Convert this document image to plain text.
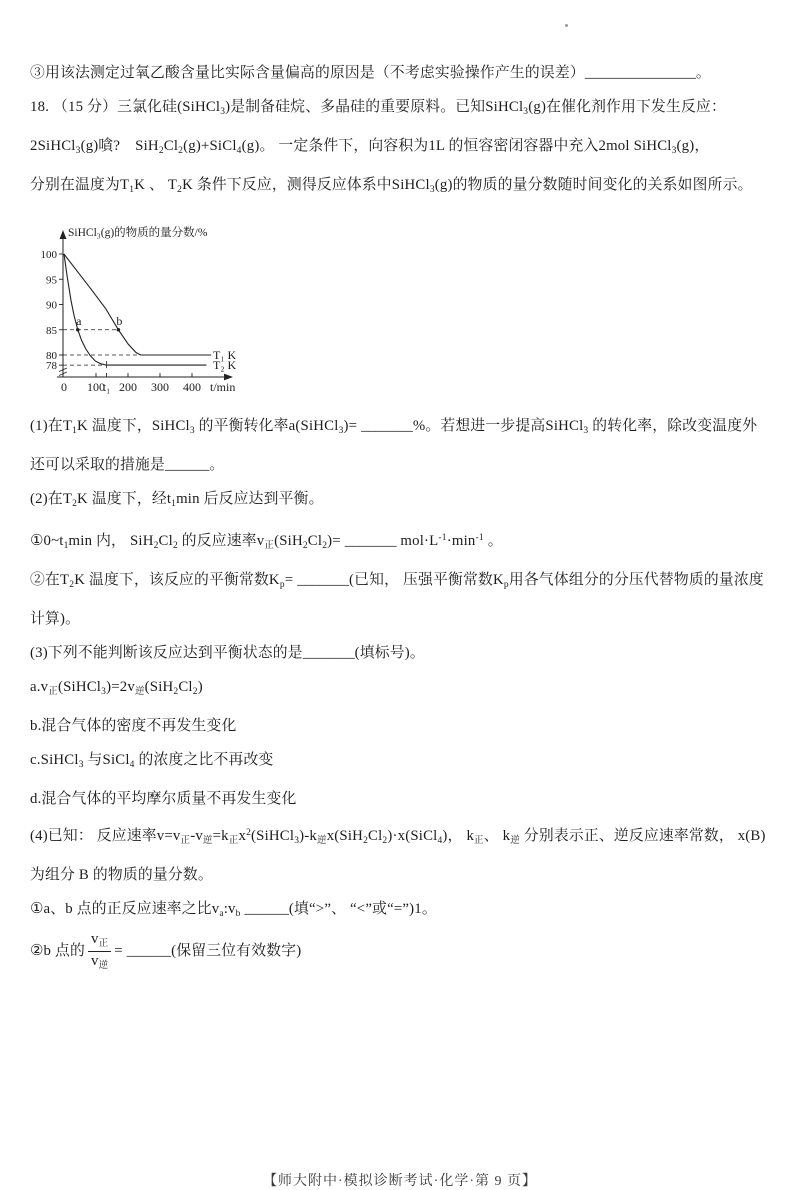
③用该法测定过氧乙酸含量比实际含量偏高的原因是（不考虑实验操作产生的误差）_______________。

18. （15 分）三氯化硅(SiHCl$_3$)是制备硅烷、多晶硅的重要原料。已知SiHCl$_3$(g)在催化剂作用下发生反应：

2SiHCl$_3$(g)嗿?　$SiH_2Cl_2(g)+SiCl_4(g)$。 一定条件下，向容积为1L 的恒容密闭容器中充入2mol SiHCl$_3$(g)，

分别在温度为$T_1K$ 、 $T_2K$ 条件下反应，测得反应体系中SiHCl$_3$(g)的物质的量分数随时间变化的关系如图所示。

100
95
90
85
80
78
0 100
t₁ 200 300 400 t/min
T₁ K
T₂ K
a	b
SiHCl₃(g)的物质的量分数/%

(1)在$T_1K$ 温度下，SiHCl$_3$ 的平衡转化率a(SiHCl$_3$)= _______%。若想进一步提高SiHCl$_3$ 的转化率，除改变温度外还可以采取的措施是______。

(2)在$T_2K$ 温度下，经$t_1\min$ 后反应达到平衡。

$①0\sim t_1\min$ 内， $SiH_2Cl_2$ 的反应速率$v_正(SiH_2Cl_2)=$ _______ $mol\cdot L^{-1}\cdot\min^{-1}$ 。

②在$T_2K$ 温度下，该反应的平衡常数$K_p=$ _______(已知， 压强平衡常数$K_p$用各气体组分的分压代替物质的量浓度计算)。

(3)下列不能判断该反应达到平衡状态的是_______(填标号)。

$a.v_正(SiHCl_3)=2v_逆(SiH_2Cl_2)$

b.混合气体的密度不再发生变化

c.SiHCl$_3$ 与SiCl$_4$ 的浓度之比不再改变

d.混合气体的平均摩尔质量不再发生变化

(4)已知： 反应速率$v=v_正-v_逆=k_正x^2(SiHCl_3)-k_逆x(SiH_2Cl_2)\cdot x(SiCl_4)$， $k_正$、 $k_逆$ 分别表示正、逆反应速率常数， x(B) 为组分 B 的物质的量分数。

①a、b 点的正反应速率之比$v_a:v_b$ ______(填“>”、 “<”或“=”)1。

②b 点的 $\frac{v_正}{v_逆}$ = ______(保留三位有效数字)

【师大附中·模拟诊断考试·化学·第 9 页】
